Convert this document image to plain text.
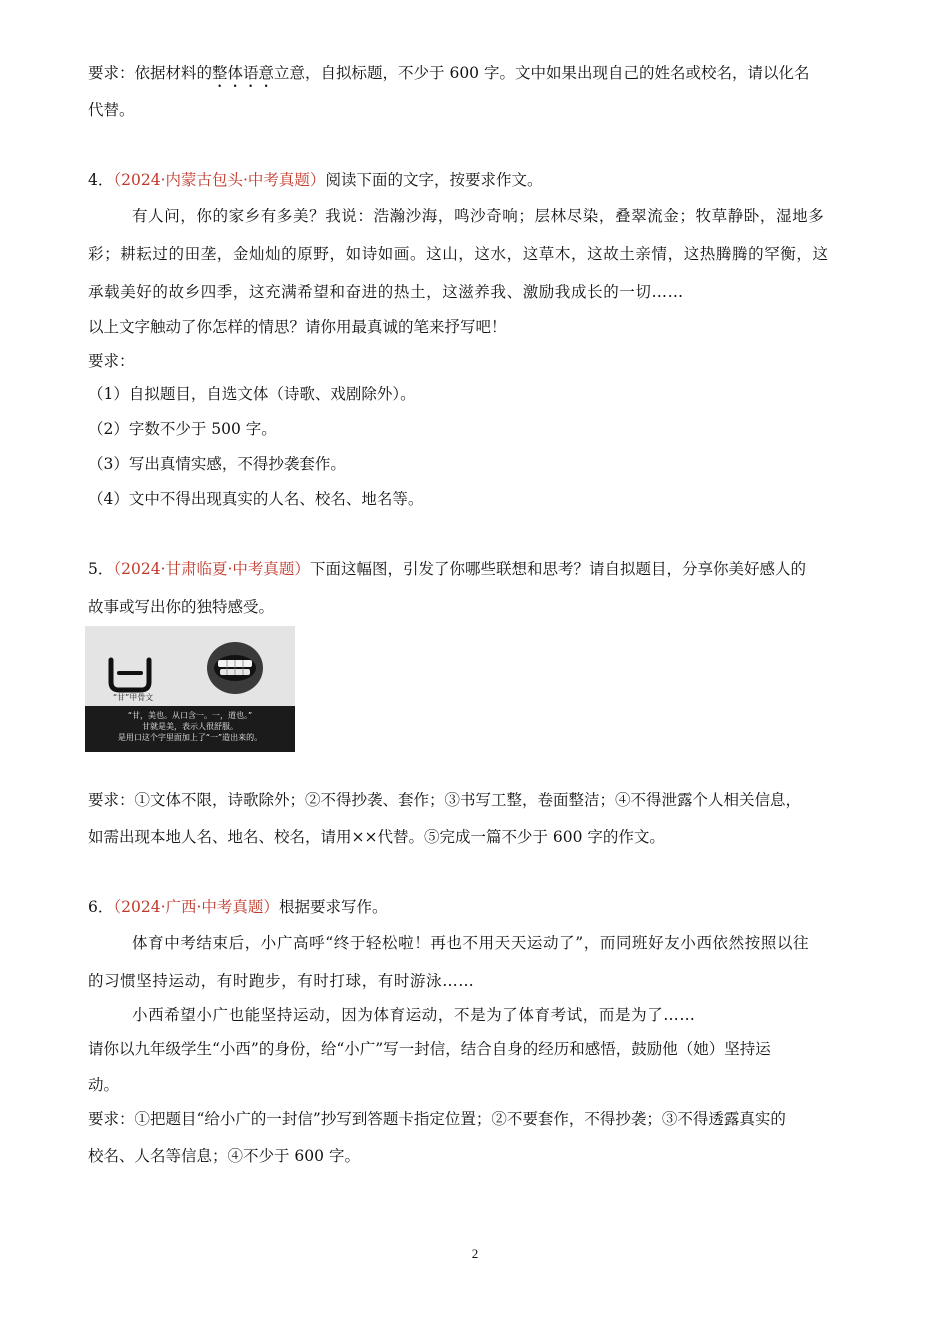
要求：依据材料的整体语意立意，自拟标题，不少于 600 字。文中如果出现自己的姓名或校名，请以化名
代替。
4．（2024·内蒙古包头·中考真题）阅读下面的文字，按要求作文。
有人问，你的家乡有多美？我说：浩瀚沙海，鸣沙奇响；层林尽染，叠翠流金；牧草静卧，湿地多
彩；耕耘过的田垄，金灿灿的原野，如诗如画。这山，这水，这草木，这故土亲情，这热腾腾的罕衡，这
承载美好的故乡四季，这充满希望和奋进的热土，这滋养我、激励我成长的一切……
以上文字触动了你怎样的情思？请你用最真诚的笔来抒写吧！
要求：
（1）自拟题目，自选文体（诗歌、戏剧除外）。
（2）字数不少于 500 字。
（3）写出真情实感，不得抄袭套作。
（4）文中不得出现真实的人名、校名、地名等。
5．（2024·甘肃临夏·中考真题）下面这幅图，引发了你哪些联想和思考？请自拟题目，分享你美好感人的
故事或写出你的独特感受。
“甘”甲骨文
“甘，美也。从口含一。一，道也。”
甘就是美，表示人很舒服。
是用口这个字里面加上了“一”造出来的。
要求：①文体不限，诗歌除外；②不得抄袭、套作；③书写工整，卷面整洁；④不得泄露个人相关信息，
如需出现本地人名、地名、校名，请用××代替。⑤完成一篇不少于 600 字的作文。
6．（2024·广西·中考真题）根据要求写作。
体育中考结束后，小广高呼“终于轻松啦！再也不用天天运动了”，而同班好友小西依然按照以往
的习惯坚持运动，有时跑步，有时打球，有时游泳……
小西希望小广也能坚持运动，因为体育运动，不是为了体育考试，而是为了……
请你以九年级学生“小西”的身份，给“小广”写一封信，结合自身的经历和感悟，鼓励他（她）坚持运
动。
要求：①把题目“给小广的一封信”抄写到答题卡指定位置；②不要套作，不得抄袭；③不得透露真实的
校名、人名等信息；④不少于 600 字。
2
